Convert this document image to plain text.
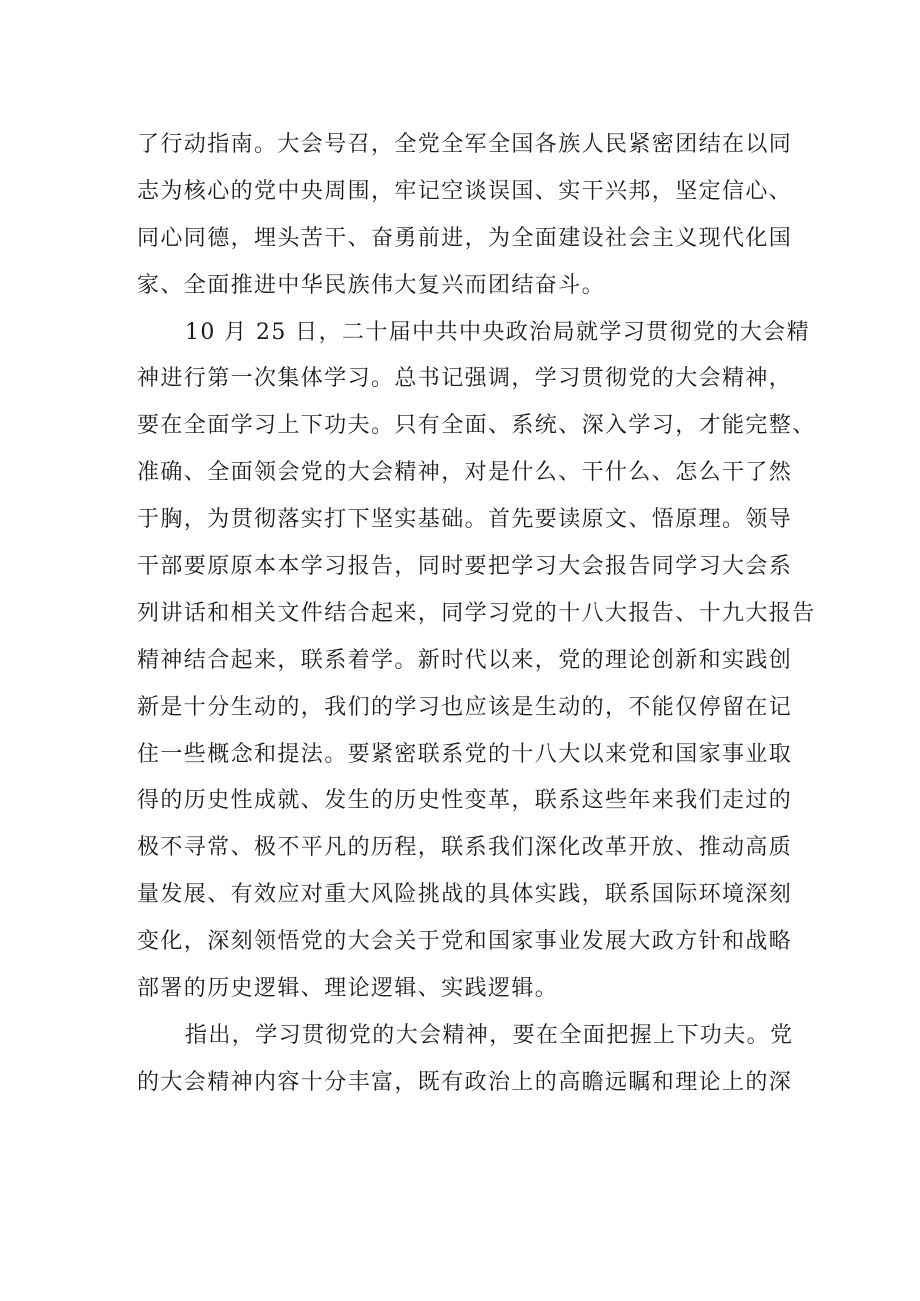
了行动指南。大会号召，全党全军全国各族人民紧密团结在以同
志为核心的党中央周围，牢记空谈误国、实干兴邦，坚定信心、
同心同德，埋头苦干、奋勇前进，为全面建设社会主义现代化国
家、全面推进中华民族伟大复兴而团结奋斗。
10 月 25 日，二十届中共中央政治局就学习贯彻党的大会精
神进行第一次集体学习。总书记强调，学习贯彻党的大会精神，
要在全面学习上下功夫。只有全面、系统、深入学习，才能完整、
准确、全面领会党的大会精神，对是什么、干什么、怎么干了然
于胸，为贯彻落实打下坚实基础。首先要读原文、悟原理。领导
干部要原原本本学习报告，同时要把学习大会报告同学习大会系
列讲话和相关文件结合起来，同学习党的十八大报告、十九大报告
精神结合起来，联系着学。新时代以来，党的理论创新和实践创
新是十分生动的，我们的学习也应该是生动的，不能仅停留在记
住一些概念和提法。要紧密联系党的十八大以来党和国家事业取
得的历史性成就、发生的历史性变革，联系这些年来我们走过的
极不寻常、极不平凡的历程，联系我们深化改革开放、推动高质
量发展、有效应对重大风险挑战的具体实践，联系国际环境深刻
变化，深刻领悟党的大会关于党和国家事业发展大政方针和战略
部署的历史逻辑、理论逻辑、实践逻辑。
指出，学习贯彻党的大会精神，要在全面把握上下功夫。党
的大会精神内容十分丰富，既有政治上的高瞻远瞩和理论上的深
